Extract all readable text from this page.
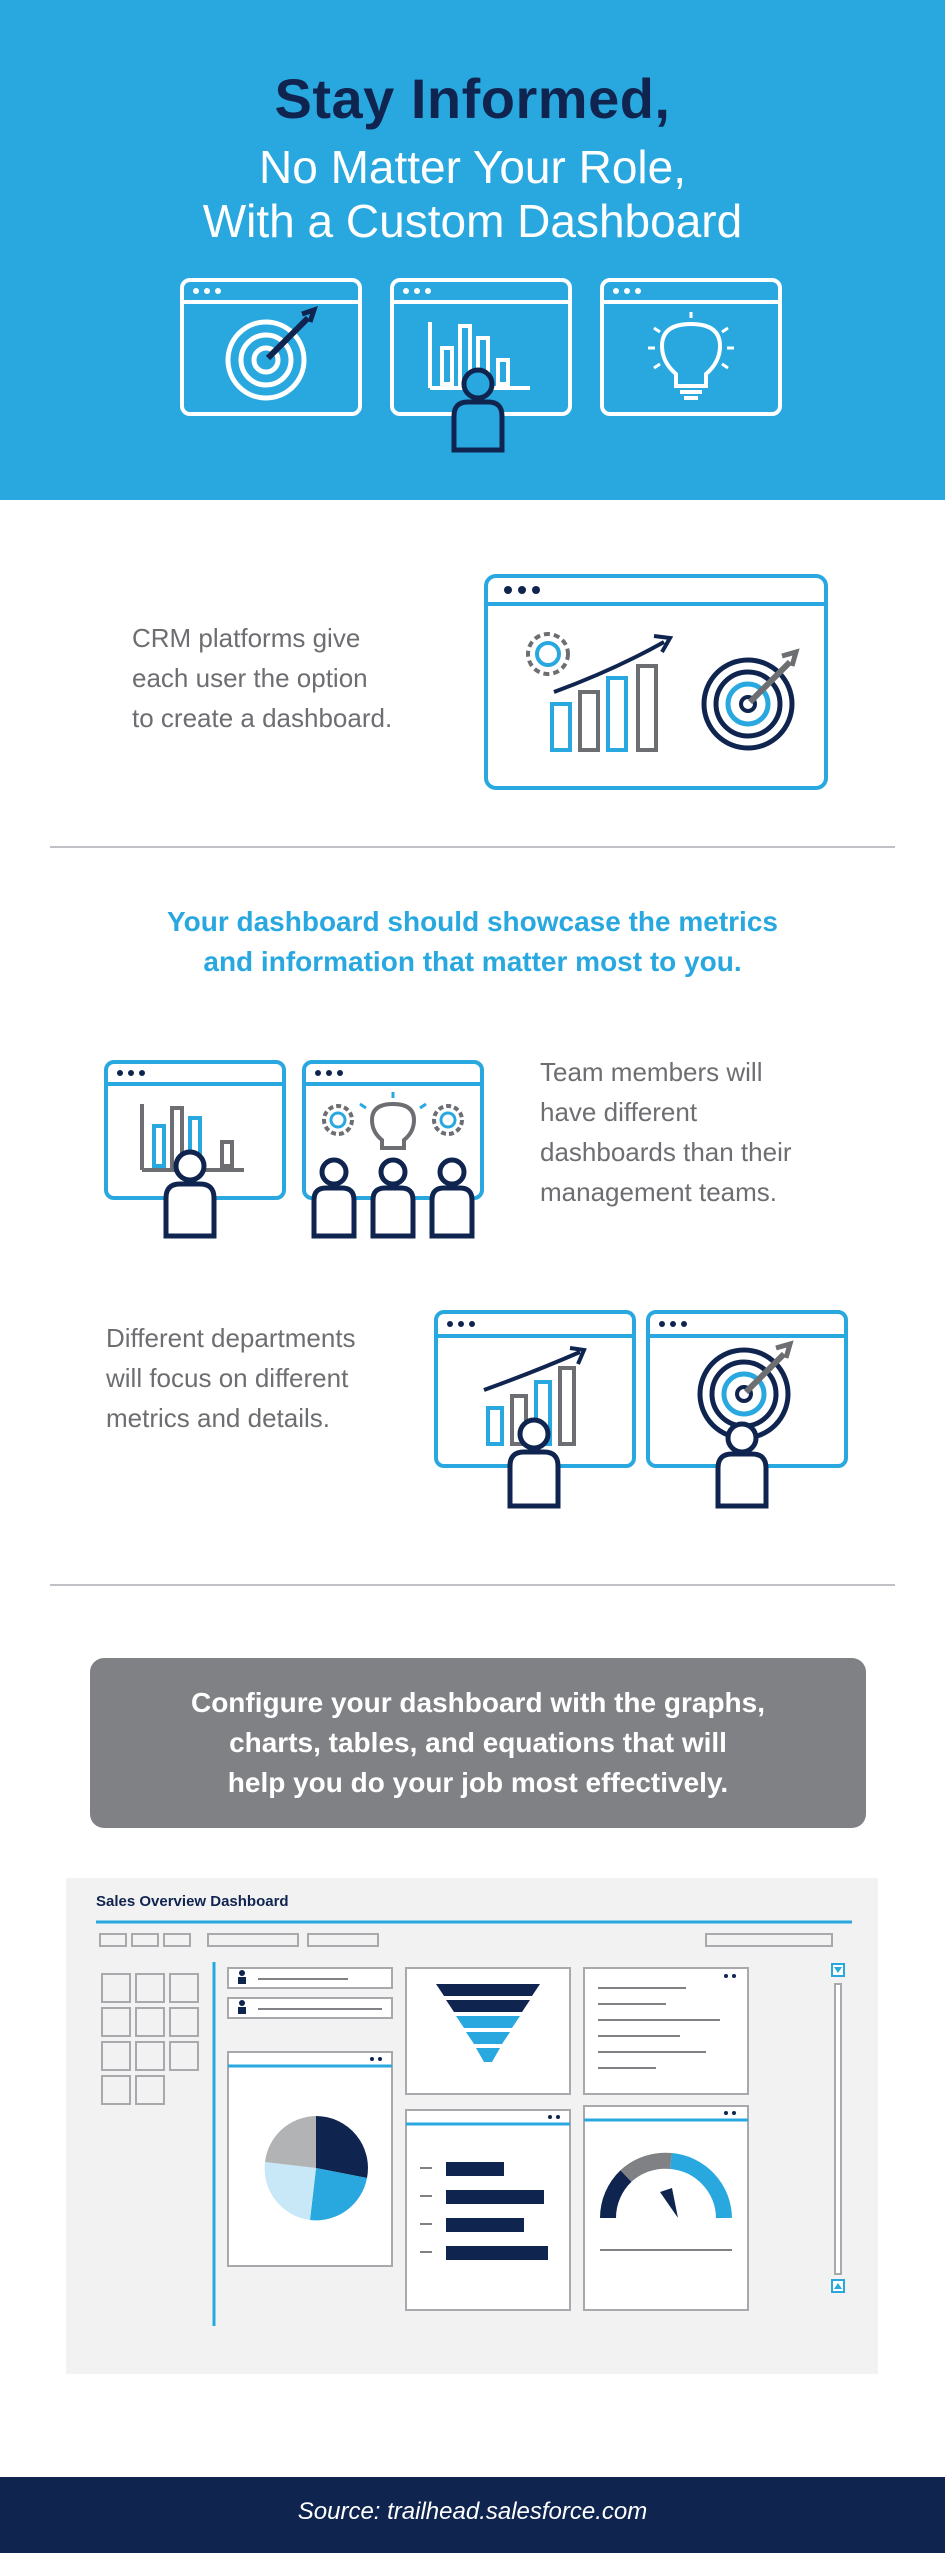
Stay Informed,
No Matter Your Role,
With a Custom Dashboard
CRM platforms give
each user the option
to create a dashboard.
Your dashboard should showcase the metrics
and information that matter most to you.
Team members will
have different
dashboards than their
management teams.
Different departments
will focus on different
metrics and details.
Configure your dashboard with the graphs,
charts, tables, and equations that will
help you do your job most effectively.
Sales Overview Dashboard
Source: trailhead.salesforce.com
